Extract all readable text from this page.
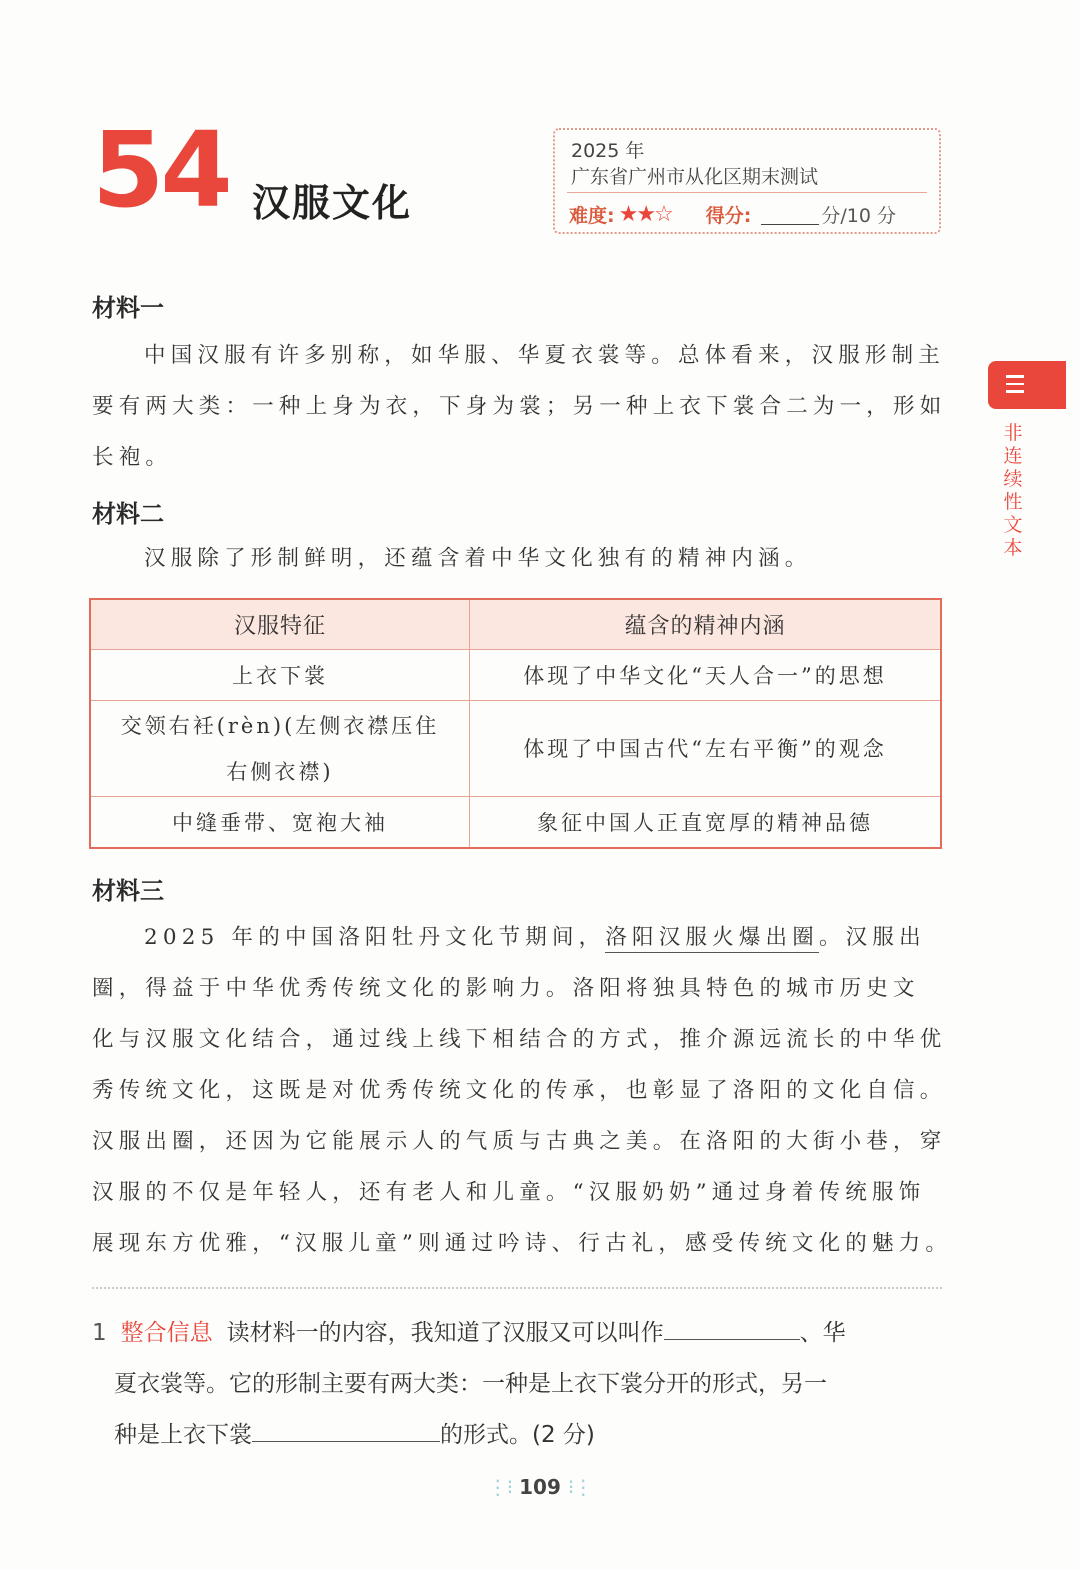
54 汉服文化
2025 年
广东省广州市从化区期末测试
难度: ★★☆ 得分:	分/10 分
非连续性文本
材料一
中国汉服有许多别称，如华服、华夏衣裳等。总体看来，汉服形制主
要有两大类：一种上身为衣，下身为裳；另一种上衣下裳合二为一，形如
长袍。
材料二
汉服除了形制鲜明，还蕴含着中华文化独有的精神内涵。
汉服特征	蕴含的精神内涵
上衣下裳	体现了中华文化“天人合一”的思想

交领右衽(rèn)(左侧衣襟压住
右侧衣襟)	体现了中国古代“左右平衡”的观念
中缝垂带、宽袍大袖	象征中国人正直宽厚的精神品德
材料三
2025 年的中国洛阳牡丹文化节期间，洛阳汉服火爆出圈。汉服出
圈，得益于中华优秀传统文化的影响力。洛阳将独具特色的城市历史文
化与汉服文化结合，通过线上线下相结合的方式，推介源远流长的中华优
秀传统文化，这既是对优秀传统文化的传承，也彰显了洛阳的文化自信。
汉服出圈，还因为它能展示人的气质与古典之美。在洛阳的大街小巷，穿
汉服的不仅是年轻人，还有老人和儿童。“汉服奶奶”通过身着传统服饰
展现东方优雅，“汉服儿童”则通过吟诗、行古礼，感受传统文化的魅力。
1 整合信息 读材料一的内容，我知道了汉服又可以叫作	、华
夏衣裳等。它的形制主要有两大类：一种是上衣下裳分开的形式，另一
种是上衣下裳	的形式。(2 分)
⋮⁝ 109 ⁝⋮
